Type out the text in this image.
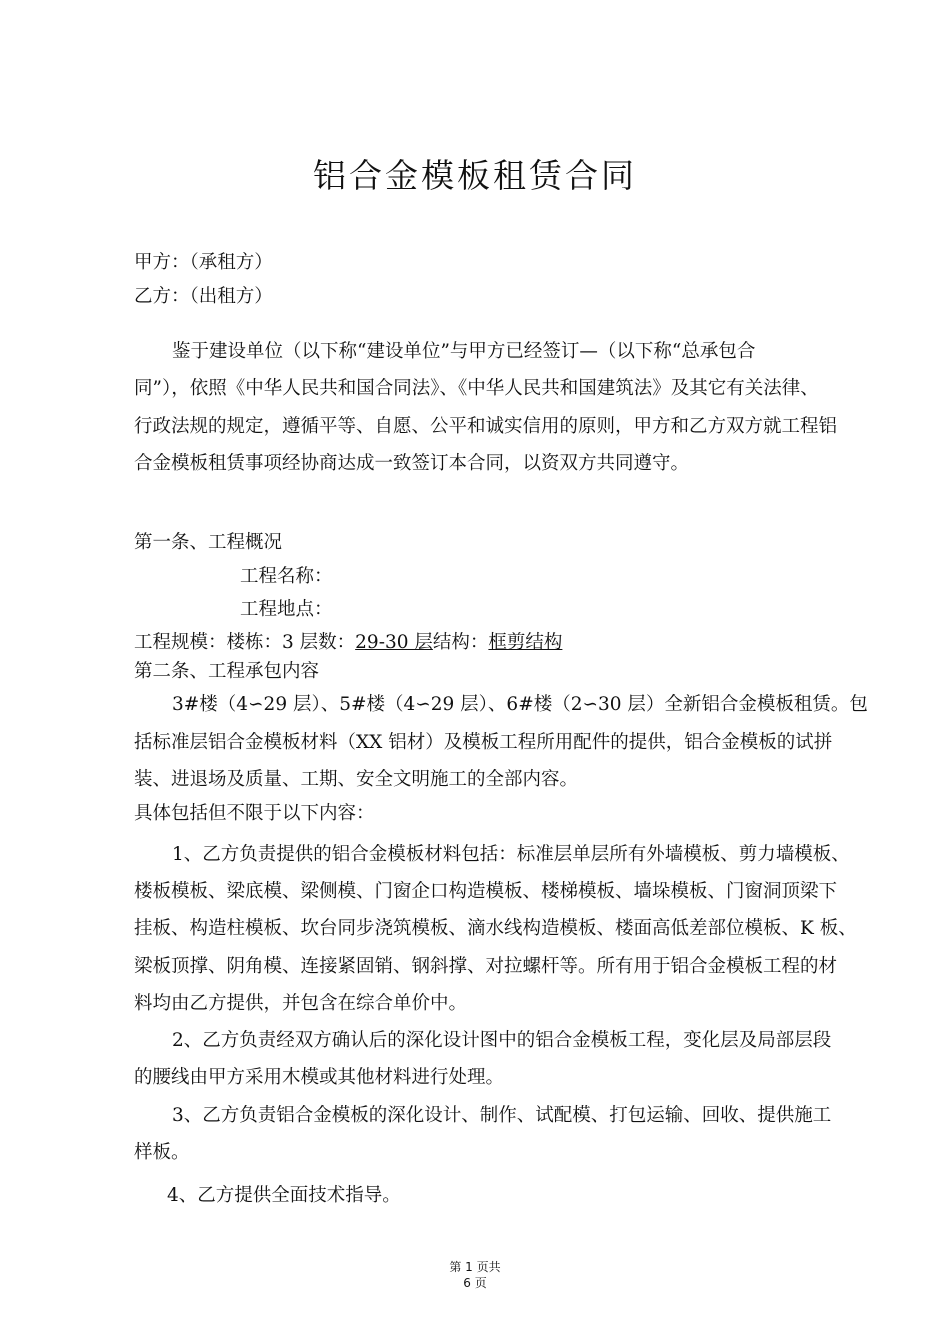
铝合金模板租赁合同
甲方：（承租方）
乙方：（出租方）
鉴于建设单位（以下称“建设单位”与甲方已经签订—（以下称“总承包合
同”），依照《中华人民共和国合同法》、《中华人民共和国建筑法》及其它有关法律、
行政法规的规定，遵循平等、自愿、公平和诚实信用的原则，甲方和乙方双方就工程铝
合金模板租赁事项经协商达成一致签订本合同，以资双方共同遵守。
第一条、工程概况
工程名称：
工程地点：
工程规模：楼栋：3 层数：29-30 层结构：框剪结构
第二条、工程承包内容
3#楼（4∽29 层）、5#楼（4∽29 层）、6#楼（2∽30 层）全新铝合金模板租赁。包
括标准层铝合金模板材料（XX 铝材）及模板工程所用配件的提供，铝合金模板的试拼
装、进退场及质量、工期、安全文明施工的全部内容。
具体包括但不限于以下内容：
1、乙方负责提供的铝合金模板材料包括：标准层单层所有外墙模板、剪力墙模板、
楼板模板、梁底模、梁侧模、门窗企口构造模板、楼梯模板、墙垛模板、门窗洞顶梁下
挂板、构造柱模板、坎台同步浇筑模板、滴水线构造模板、楼面高低差部位模板、K 板、
梁板顶撑、阴角模、连接紧固销、钢斜撑、对拉螺杆等。所有用于铝合金模板工程的材
料均由乙方提供，并包含在综合单价中。
2、乙方负责经双方确认后的深化设计图中的铝合金模板工程，变化层及局部层段
的腰线由甲方采用木模或其他材料进行处理。
3、乙方负责铝合金模板的深化设计、制作、试配模、打包运输、回收、提供施工
样板。
4、乙方提供全面技术指导。
第 1 页共
6 页
